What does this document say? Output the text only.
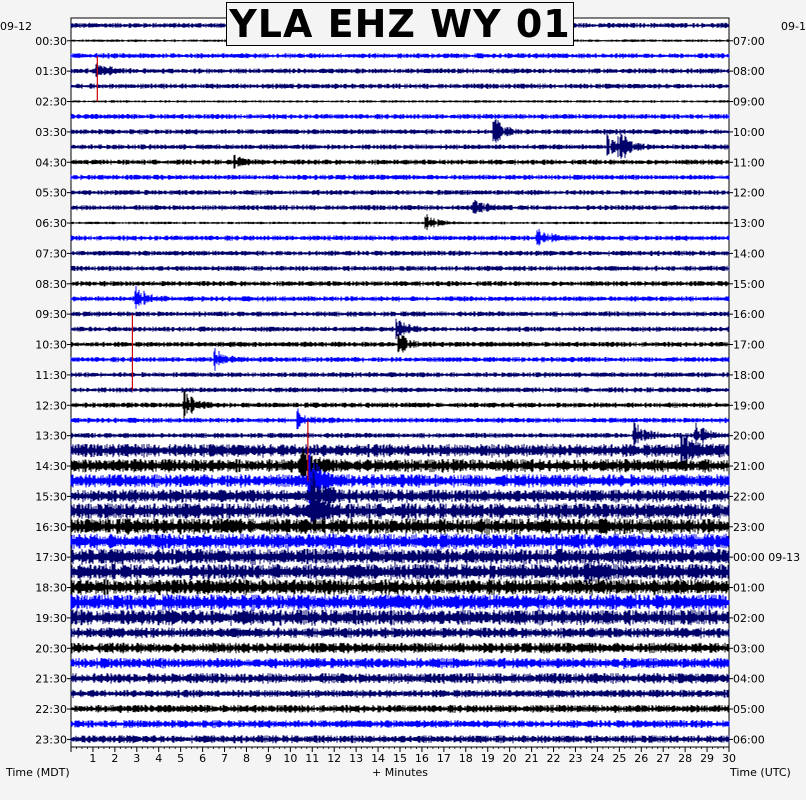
1 2 3 4 5 6 7 8 9 10 11 12 13 14 15 16 17 18 19 20 21 22 23 24 25 26 27 28 29 30
00:30
01:30
02:30
03:30
04:30
05:30
06:30
07:30
08:30
09:30
10:30
11:30
12:30
13:30
14:30
15:30
16:30
17:30
18:30
19:30
20:30
21:30
22:30
23:30
07:00
08:00
09:00
10:00
11:00
12:00
13:00
14:00
15:00
16:00
17:00
18:00
19:00
20:00
21:00
22:00
23:00
00:00 09-13
01:00
02:00
03:00
04:00
05:00
06:00
YLA EHZ WY 01
09-12	09-1
Time (MDT)	+ Minutes	Time (UTC)
